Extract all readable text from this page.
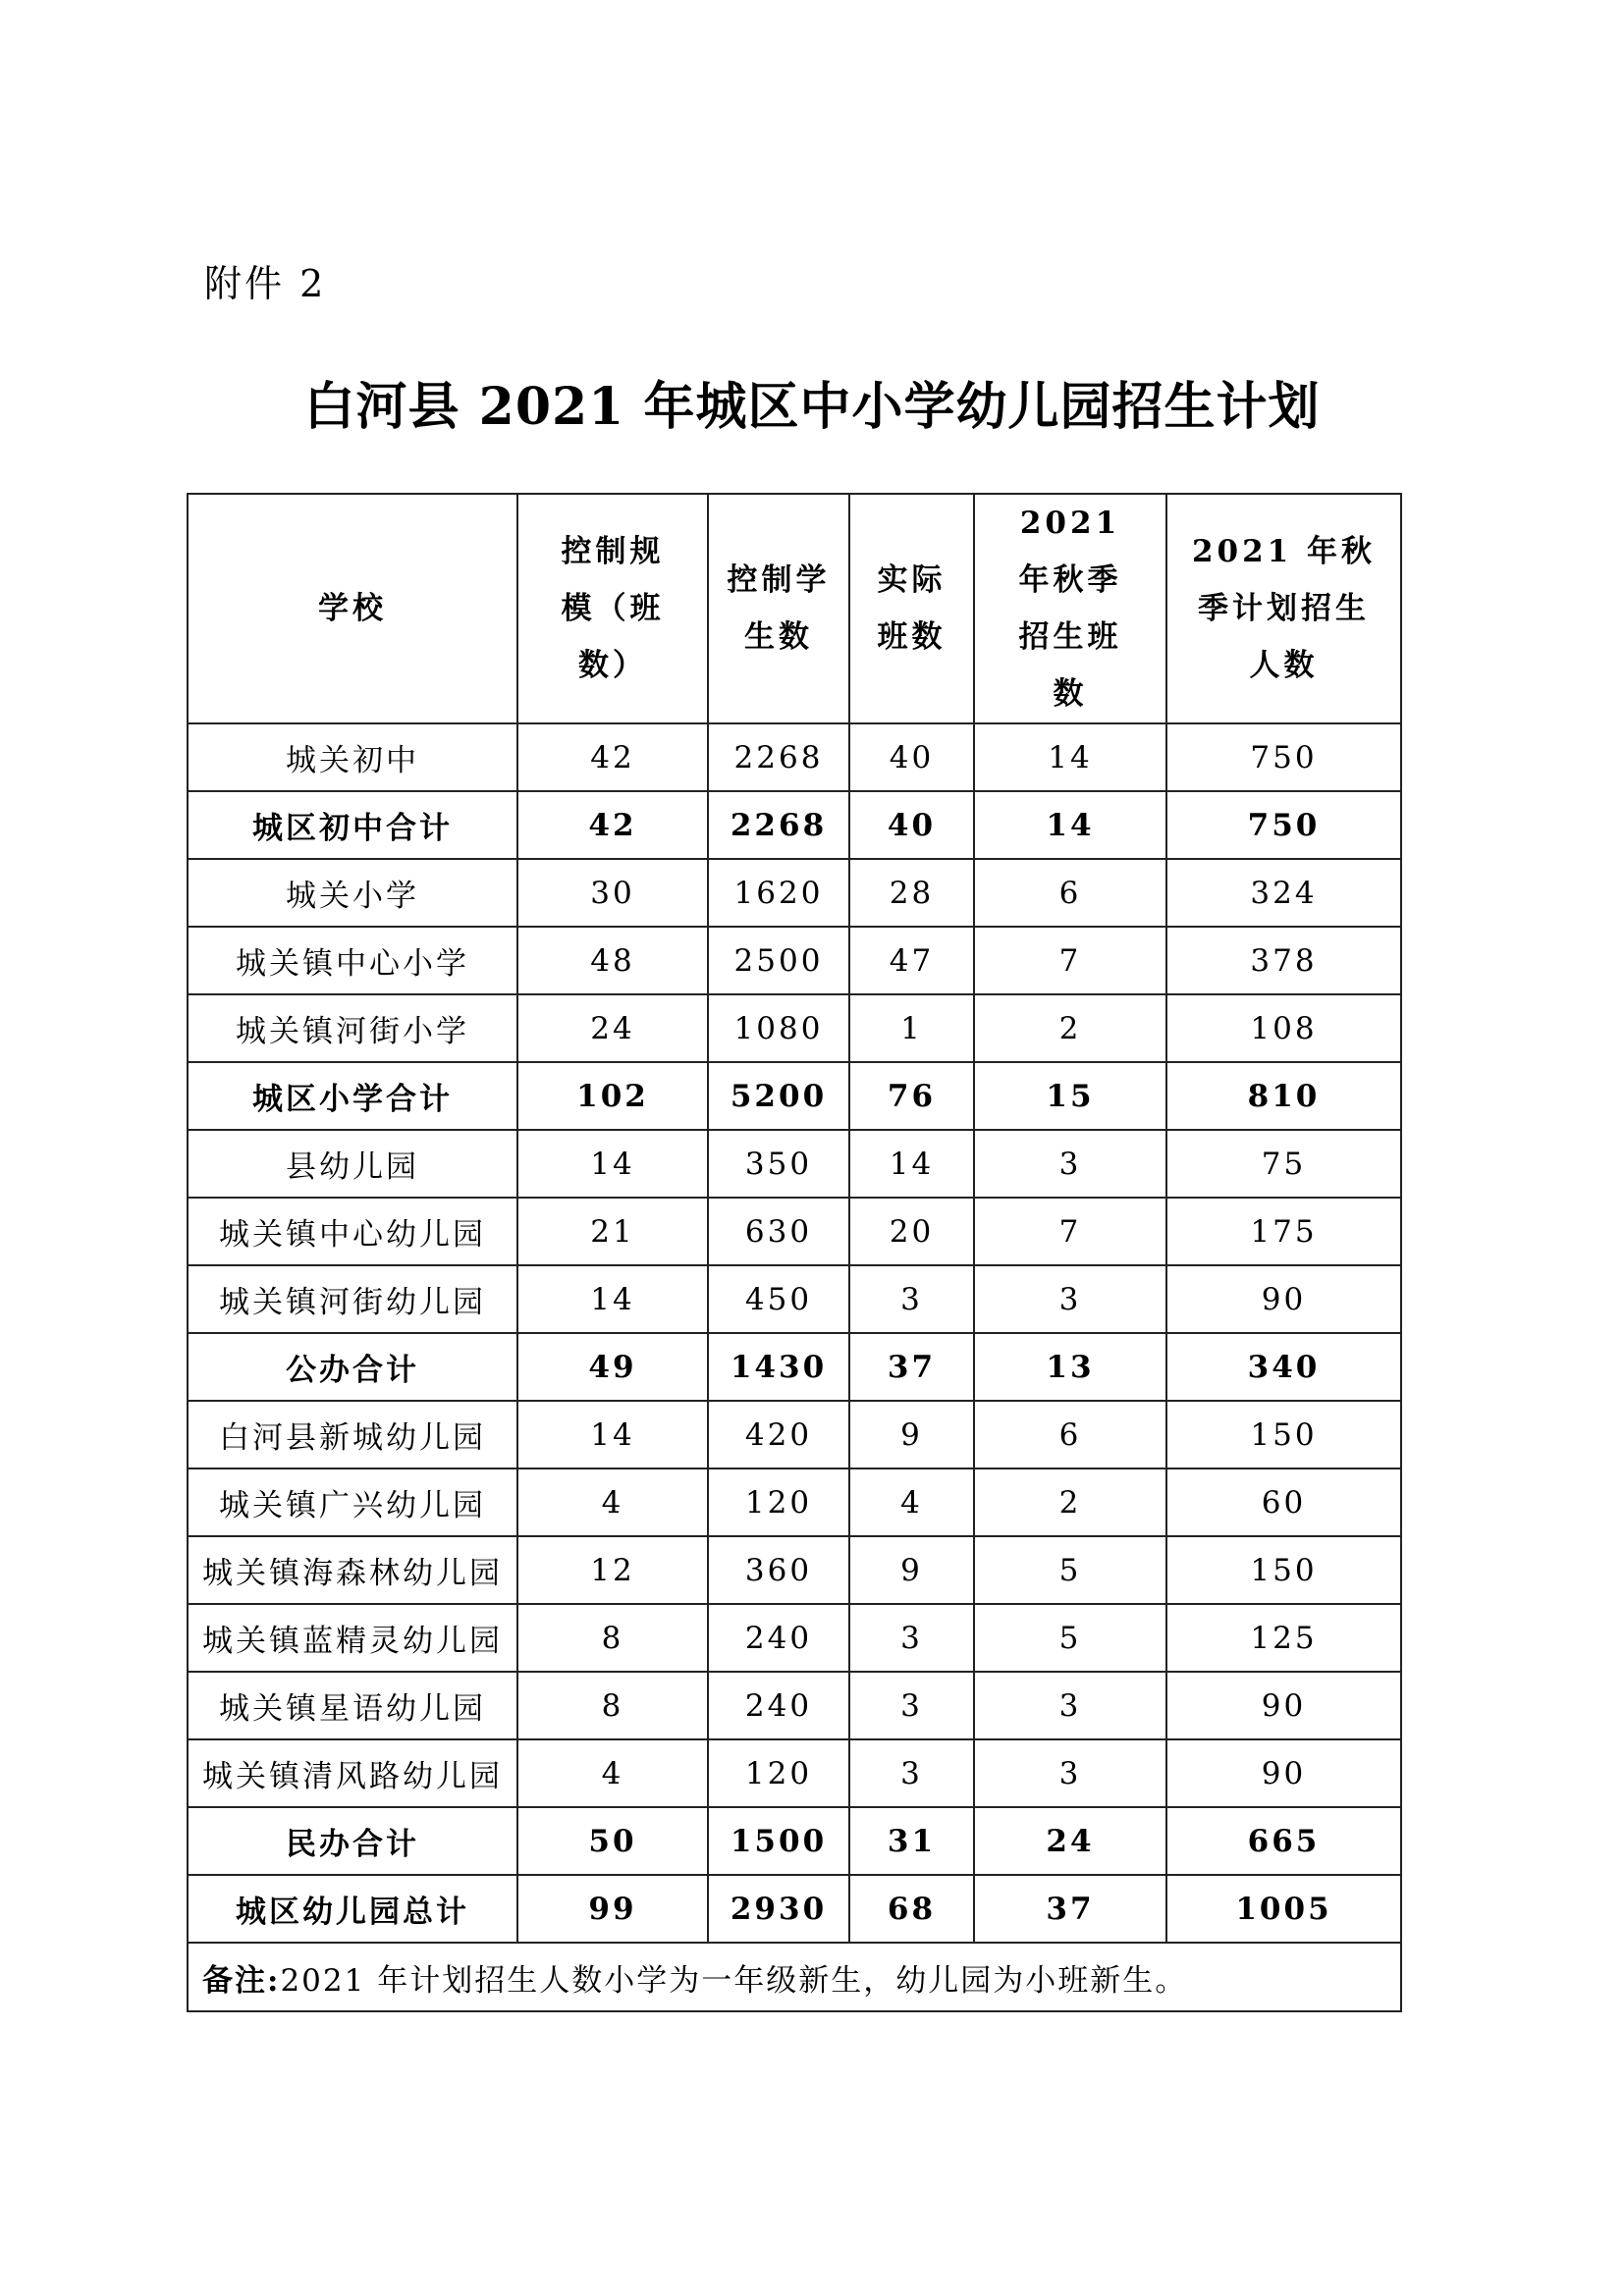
附件 2
白河县 2021 年城区中小学幼儿园招生计划
学校	控制规模（班数）	控制学生数	实际班数	2021 年秋季招生班数	2021 年秋季计划招生人数
城关初中	42	2268	40	14	750
城区初中合计	42	2268	40	14	750
城关小学	30	1620	28	6	324
城关镇中心小学	48	2500	47	7	378
城关镇河街小学	24	1080	1	2	108
城区小学合计	102	5200	76	15	810
县幼儿园	14	350	14	3	75
城关镇中心幼儿园	21	630	20	7	175
城关镇河街幼儿园	14	450	3	3	90
公办合计	49	1430	37	13	340
白河县新城幼儿园	14	420	9	6	150
城关镇广兴幼儿园	4	120	4	2	60
城关镇海森林幼儿园	12	360	9	5	150
城关镇蓝精灵幼儿园	8	240	3	5	125
城关镇星语幼儿园	8	240	3	3	90
城关镇清风路幼儿园	4	120	3	3	90
民办合计	50	1500	31	24	665
城区幼儿园总计	99	2930	68	37	1005
备注:2021 年计划招生人数小学为一年级新生，幼儿园为小班新生。					
